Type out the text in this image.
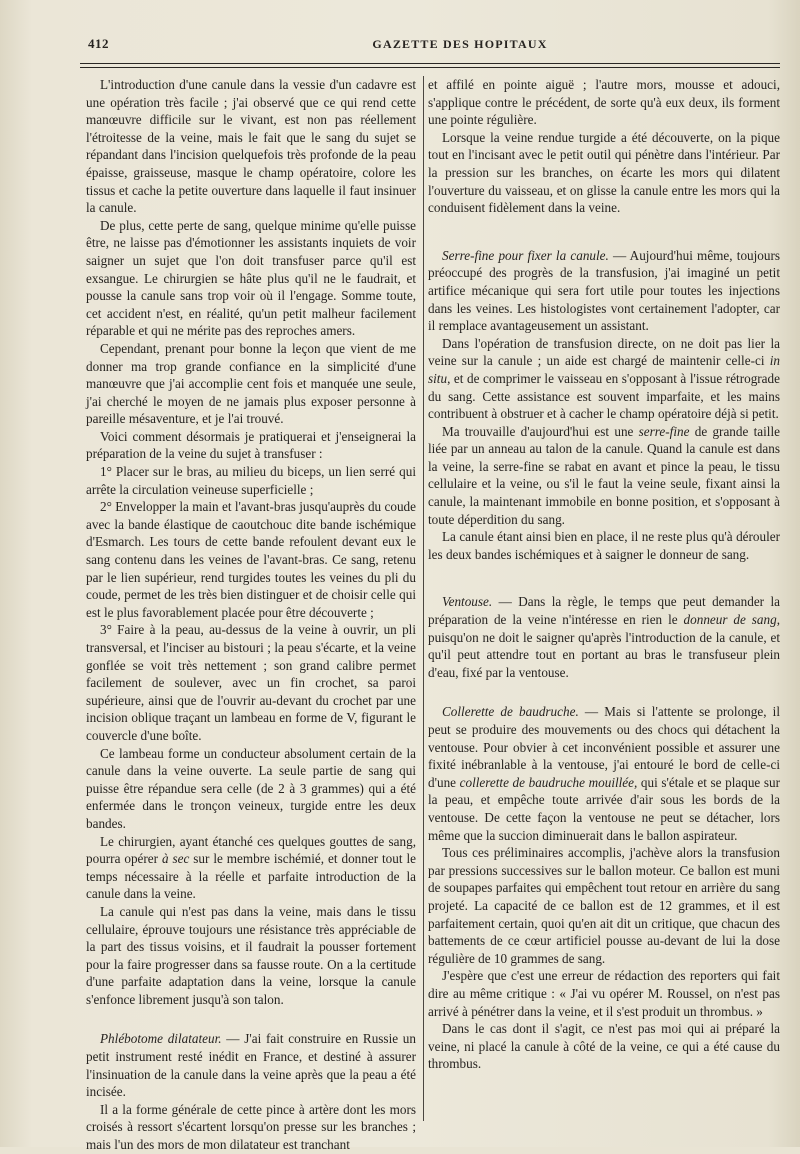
412	GAZETTE DES HOPITAUX

L'introduction d'une canule dans la vessie d'un cadavre est une opération très facile ; j'ai observé que ce qui rend cette manœuvre difficile sur le vivant, est non pas réellement l'étroitesse de la veine, mais le fait que le sang du sujet se répandant dans l'incision quelquefois très profonde de la peau épaisse, graisseuse, masque le champ opératoire, colore les tissus et cache la petite ouverture dans laquelle il faut insinuer la canule.

De plus, cette perte de sang, quelque minime qu'elle puisse être, ne laisse pas d'émotionner les assistants inquiets de voir saigner un sujet que l'on doit transfuser parce qu'il est exsangue. Le chirurgien se hâte plus qu'il ne le faudrait, et pousse la canule sans trop voir où il l'engage. Somme toute, cet accident n'est, en réalité, qu'un petit malheur facilement réparable et qui ne mérite pas des reproches amers.

Cependant, prenant pour bonne la leçon que vient de me donner ma trop grande confiance en la simplicité d'une manœuvre que j'ai accomplie cent fois et manquée une seule, j'ai cherché le moyen de ne jamais plus exposer personne à pareille mésaventure, et je l'ai trouvé.

Voici comment désormais je pratiquerai et j'enseignerai la préparation de la veine du sujet à transfuser :

1° Placer sur le bras, au milieu du biceps, un lien serré qui arrête la circulation veineuse superficielle ;

2° Envelopper la main et l'avant-bras jusqu'auprès du coude avec la bande élastique de caoutchouc dite bande ischémique d'Esmarch. Les tours de cette bande refoulent devant eux le sang contenu dans les veines de l'avant-bras. Ce sang, retenu par le lien supérieur, rend turgides toutes les veines du pli du coude, permet de les très bien distinguer et de choisir celle qui est le plus favorablement placée pour être découverte ;

3° Faire à la peau, au-dessus de la veine à ouvrir, un pli transversal, et l'inciser au bistouri ; la peau s'écarte, et la veine gonflée se voit très nettement ; son grand calibre permet facilement de soulever, avec un fin crochet, sa paroi supérieure, ainsi que de l'ouvrir au-devant du crochet par une incision oblique traçant un lambeau en forme de V, figurant le couvercle d'une boîte.

Ce lambeau forme un conducteur absolument certain de la canule dans la veine ouverte. La seule partie de sang qui puisse être répandue sera celle (de 2 à 3 grammes) qui a été enfermée dans le tronçon veineux, turgide entre les deux bandes.

Le chirurgien, ayant étanché ces quelques gouttes de sang, pourra opérer à sec sur le membre ischémié, et donner tout le temps nécessaire à la réelle et parfaite introduction de la canule dans la veine.

La canule qui n'est pas dans la veine, mais dans le tissu cellulaire, éprouve toujours une résistance très appréciable de la part des tissus voisins, et il faudrait la pousser fortement pour la faire progresser dans sa fausse route. On a la certitude d'une parfaite adaptation dans la veine, lorsque la canule s'enfonce librement jusqu'à son talon.

Phlébotome dilatateur. — J'ai fait construire en Russie un petit instrument resté inédit en France, et destiné à assurer l'insinuation de la canule dans la veine après que la peau a été incisée.

Il a la forme générale de cette pince à artère dont les mors croisés à ressort s'écartent lorsqu'on presse sur les branches ; mais l'un des mors de mon dilatateur est tranchant

et affilé en pointe aiguë ; l'autre mors, mousse et adouci, s'applique contre le précédent, de sorte qu'à eux deux, ils forment une pointe régulière.

Lorsque la veine rendue turgide a été découverte, on la pique tout en l'incisant avec le petit outil qui pénètre dans l'intérieur. Par la pression sur les branches, on écarte les mors qui dilatent l'ouverture du vaisseau, et on glisse la canule entre les mors qui la conduisent fidèlement dans la veine.

Serre-fine pour fixer la canule. — Aujourd'hui même, toujours préoccupé des progrès de la transfusion, j'ai imaginé un petit artifice mécanique qui sera fort utile pour toutes les injections dans les veines. Les histologistes vont certainement l'adopter, car il remplace avantageusement un assistant.

Dans l'opération de transfusion directe, on ne doit pas lier la veine sur la canule ; un aide est chargé de maintenir celle-ci in situ, et de comprimer le vaisseau en s'opposant à l'issue rétrograde du sang. Cette assistance est souvent imparfaite, et les mains contribuent à obstruer et à cacher le champ opératoire déjà si petit.

Ma trouvaille d'aujourd'hui est une serre-fine de grande taille liée par un anneau au talon de la canule. Quand la canule est dans la veine, la serre-fine se rabat en avant et pince la peau, le tissu cellulaire et la veine, ou s'il le faut la veine seule, fixant ainsi la canule, la maintenant immobile en bonne position, et s'opposant à toute déperdition du sang.

La canule étant ainsi bien en place, il ne reste plus qu'à dérouler les deux bandes ischémiques et à saigner le donneur de sang.

Ventouse. — Dans la règle, le temps que peut demander la préparation de la veine n'intéresse en rien le donneur de sang, puisqu'on ne doit le saigner qu'après l'introduction de la canule, et qu'il peut attendre tout en portant au bras le transfuseur plein d'eau, fixé par la ventouse.

Collerette de baudruche. — Mais si l'attente se prolonge, il peut se produire des mouvements ou des chocs qui détachent la ventouse. Pour obvier à cet inconvénient possible et assurer une fixité inébranlable à la ventouse, j'ai entouré le bord de celle-ci d'une collerette de baudruche mouillée, qui s'étale et se plaque sur la peau, et empêche toute arrivée d'air sous les bords de la ventouse. De cette façon la ventouse ne peut se détacher, lors même que la succion diminuerait dans le ballon aspirateur.

Tous ces préliminaires accomplis, j'achève alors la transfusion par pressions successives sur le ballon moteur. Ce ballon est muni de soupapes parfaites qui empêchent tout retour en arrière du sang projeté. La capacité de ce ballon est de 12 grammes, et il est parfaitement certain, quoi qu'en ait dit un critique, que chacun des battements de ce cœur artificiel pousse au-devant de lui la dose régulière de 10 grammes de sang.

J'espère que c'est une erreur de rédaction des reporters qui fait dire au même critique : « J'ai vu opérer M. Roussel, on n'est pas arrivé à pénétrer dans la veine, et il s'est produit un thrombus. »

Dans le cas dont il s'agit, ce n'est pas moi qui ai préparé la veine, ni placé la canule à côté de la veine, ce qui a été cause du thrombus.
